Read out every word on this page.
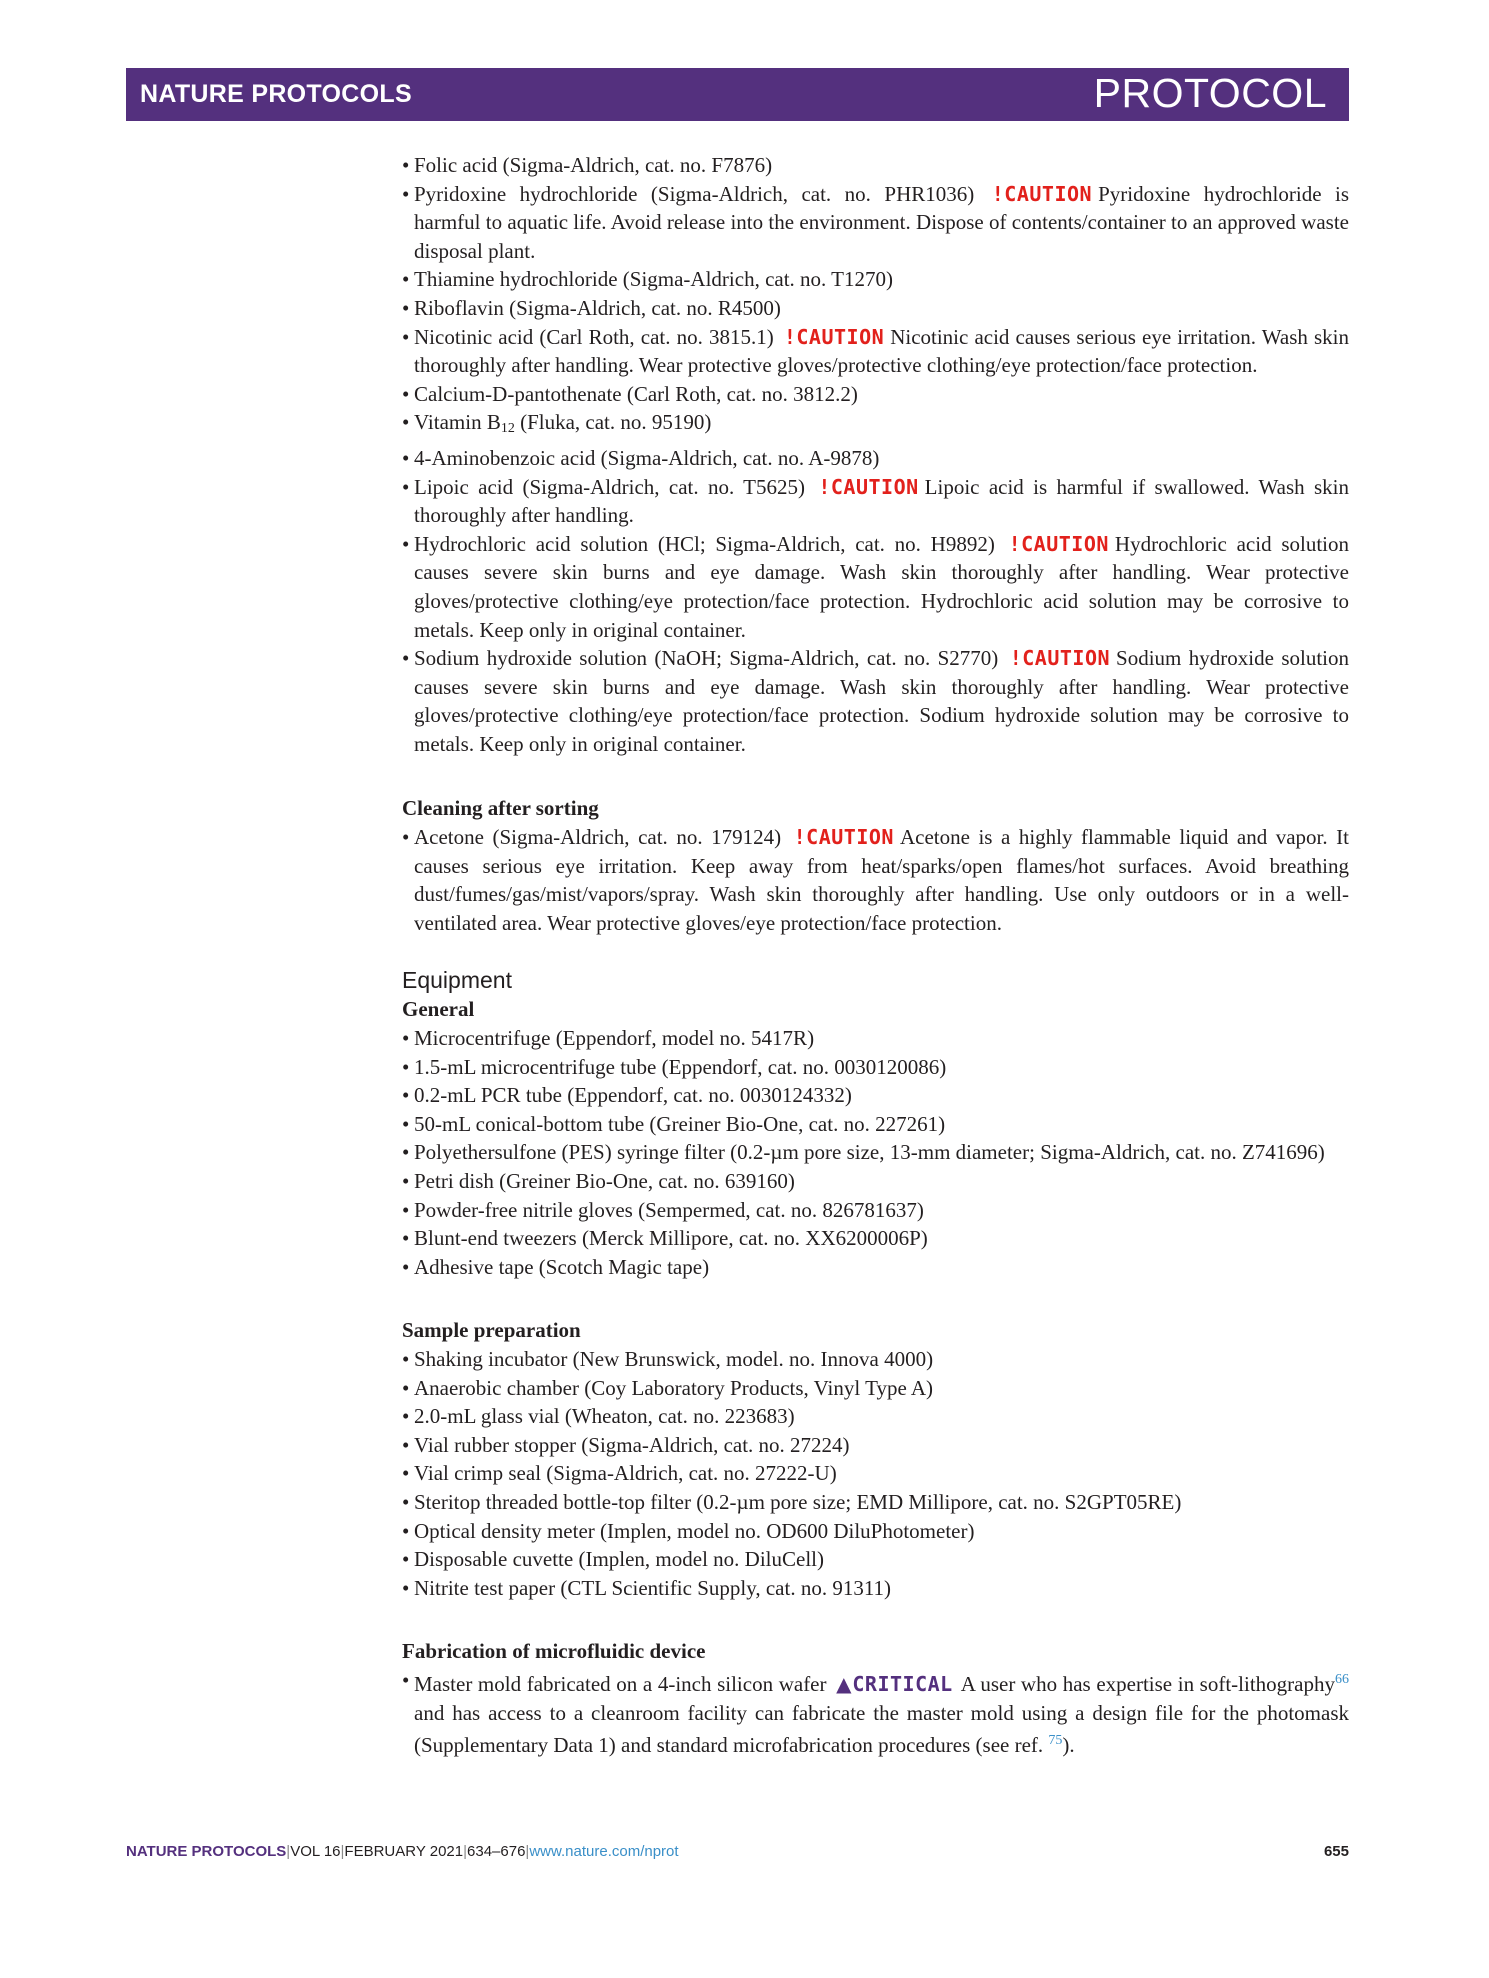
NATURE PROTOCOLS	PROTOCOL

• Folic acid (Sigma-Aldrich, cat. no. F7876)

• Pyridoxine hydrochloride (Sigma-Aldrich, cat. no. PHR1036) !CAUTION Pyridoxine hydrochloride is harmful to aquatic life. Avoid release into the environment. Dispose of contents/container to an approved waste disposal plant.

• Thiamine hydrochloride (Sigma-Aldrich, cat. no. T1270)

• Riboflavin (Sigma-Aldrich, cat. no. R4500)

• Nicotinic acid (Carl Roth, cat. no. 3815.1) !CAUTION Nicotinic acid causes serious eye irritation. Wash skin thoroughly after handling. Wear protective gloves/protective clothing/eye protection/face protection.

• Calcium-D-pantothenate (Carl Roth, cat. no. 3812.2)

• Vitamin $B_{12}$ (Fluka, cat. no. 95190)

• 4-Aminobenzoic acid (Sigma-Aldrich, cat. no. A-9878)

• Lipoic acid (Sigma-Aldrich, cat. no. T5625) !CAUTION Lipoic acid is harmful if swallowed. Wash skin thoroughly after handling.

• Hydrochloric acid solution (HCl; Sigma-Aldrich, cat. no. H9892) !CAUTION Hydrochloric acid solution causes severe skin burns and eye damage. Wash skin thoroughly after handling. Wear protective gloves/protective clothing/eye protection/face protection. Hydrochloric acid solution may be corrosive to metals. Keep only in original container.

• Sodium hydroxide solution (NaOH; Sigma-Aldrich, cat. no. S2770) !CAUTION Sodium hydroxide solution causes severe skin burns and eye damage. Wash skin thoroughly after handling. Wear protective gloves/protective clothing/eye protection/face protection. Sodium hydroxide solution may be corrosive to metals. Keep only in original container.

Cleaning after sorting

• Acetone (Sigma-Aldrich, cat. no. 179124) !CAUTION Acetone is a highly flammable liquid and vapor. It causes serious eye irritation. Keep away from heat/sparks/open flames/hot surfaces. Avoid breathing dust/fumes/gas/mist/vapors/spray. Wash skin thoroughly after handling. Use only outdoors or in a well-ventilated area. Wear protective gloves/eye protection/face protection.

Equipment

General

• Microcentrifuge (Eppendorf, model no. 5417R)

• 1.5-mL microcentrifuge tube (Eppendorf, cat. no. 0030120086)

• 0.2-mL PCR tube (Eppendorf, cat. no. 0030124332)

• 50-mL conical-bottom tube (Greiner Bio-One, cat. no. 227261)

• Polyethersulfone (PES) syringe filter (0.2-µm pore size, 13-mm diameter; Sigma-Aldrich, cat. no. Z741696)

• Petri dish (Greiner Bio-One, cat. no. 639160)

• Powder-free nitrile gloves (Sempermed, cat. no. 826781637)

• Blunt-end tweezers (Merck Millipore, cat. no. XX6200006P)

• Adhesive tape (Scotch Magic tape)

Sample preparation

• Shaking incubator (New Brunswick, model. no. Innova 4000)

• Anaerobic chamber (Coy Laboratory Products, Vinyl Type A)

• 2.0-mL glass vial (Wheaton, cat. no. 223683)

• Vial rubber stopper (Sigma-Aldrich, cat. no. 27224)

• Vial crimp seal (Sigma-Aldrich, cat. no. 27222-U)

• Steritop threaded bottle-top filter (0.2-µm pore size; EMD Millipore, cat. no. S2GPT05RE)

• Optical density meter (Implen, model no. OD600 DiluPhotometer)

• Disposable cuvette (Implen, model no. DiluCell)

• Nitrite test paper (CTL Scientific Supply, cat. no. 91311)

Fabrication of microfluidic device

• Master mold fabricated on a 4-inch silicon wafer ▲CRITICAL A user who has expertise in soft-lithography$^{66}$ and has access to a cleanroom facility can fabricate the master mold using a design file for the photomask (Supplementary Data 1) and standard microfabrication procedures (see ref. $^{75}$).

NATURE PROTOCOLS|VOL 16|FEBRUARY 2021|634–676|www.nature.com/nprot	655
